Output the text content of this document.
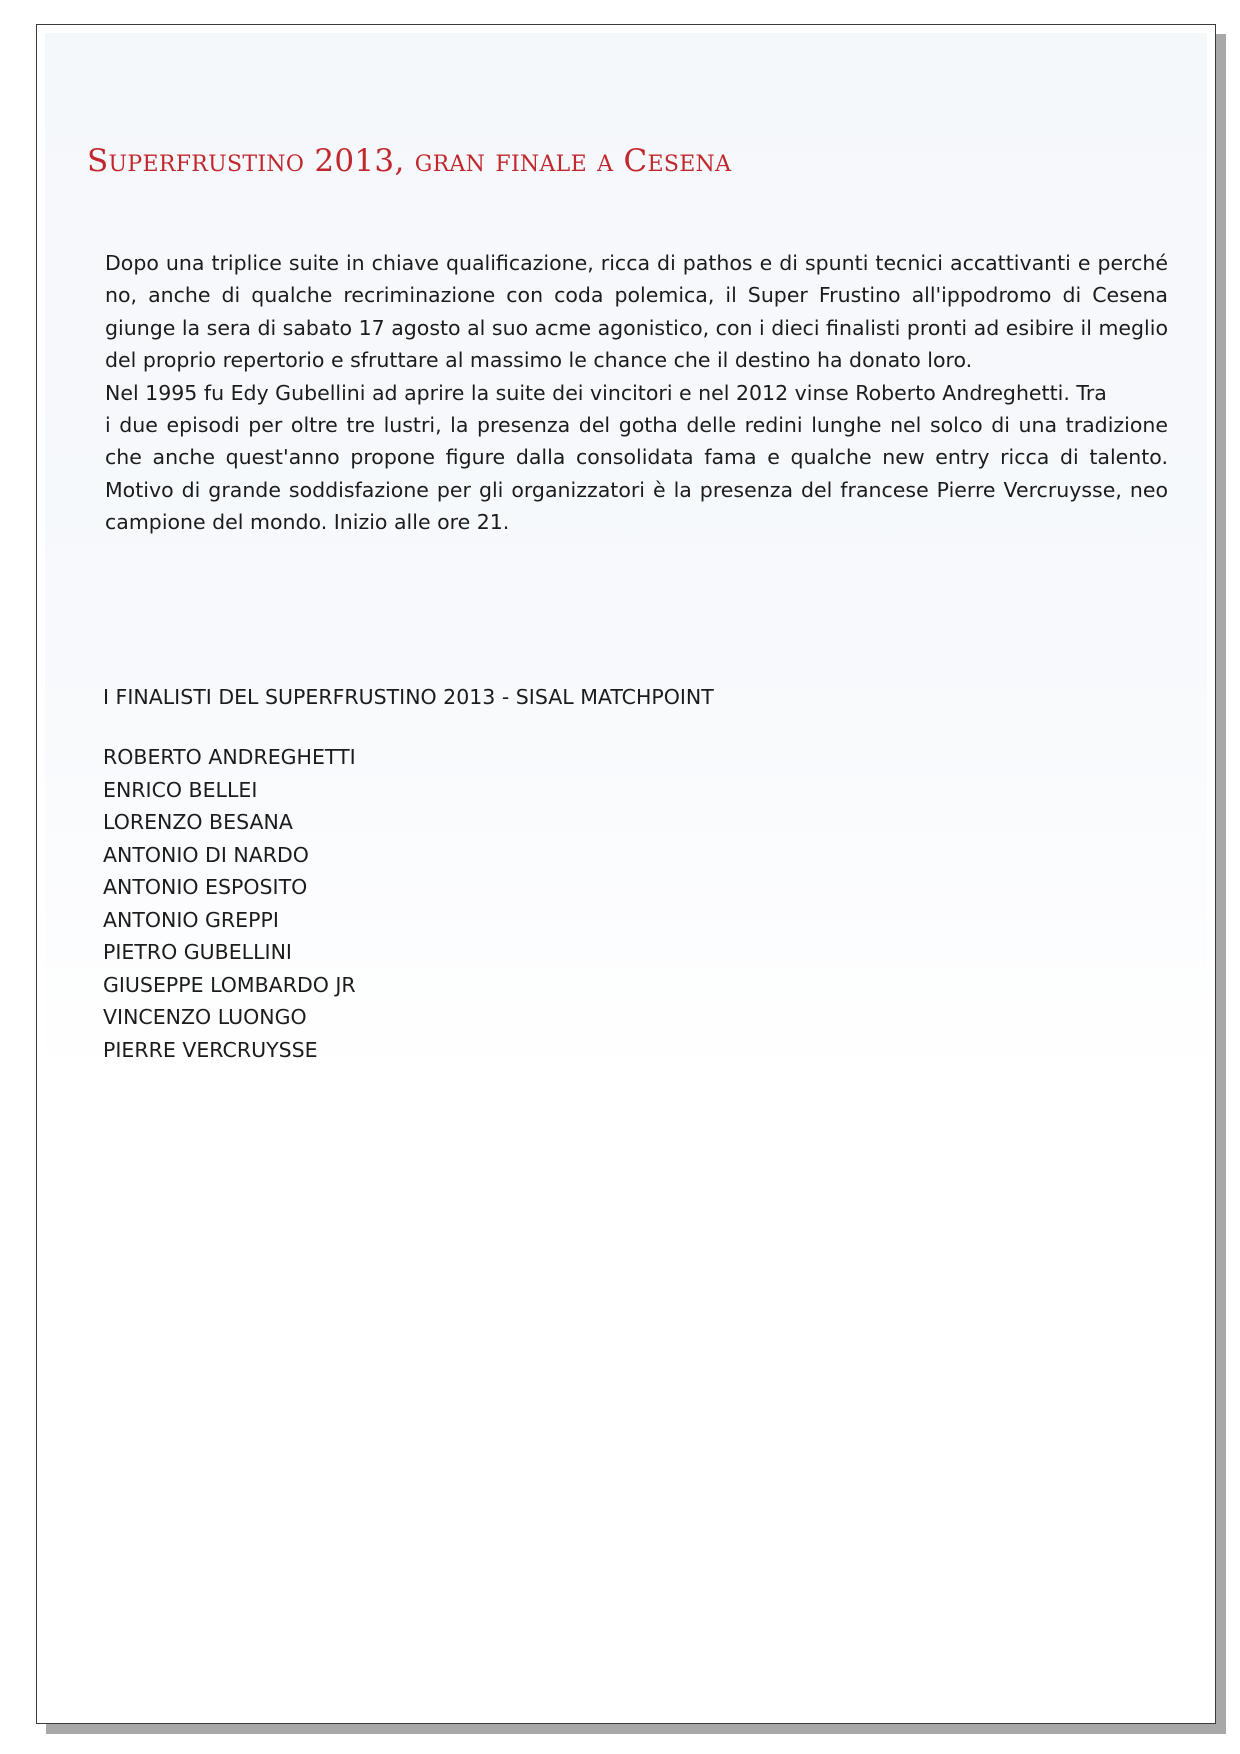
Superfrustino 2013, gran finale a Cesena

Dopo una triplice suite in chiave qualificazione, ricca di pathos e di spunti tecnici accattivanti e perché no, anche di qualche recriminazione con coda polemica, il Super Frustino all'ippodromo di Cesena giunge la sera di sabato 17 agosto al suo acme agonistico, con i dieci finalisti pronti ad esibire il meglio del proprio repertorio e sfruttare al massimo le chance che il destino ha donato loro.

Nel 1995 fu Edy Gubellini ad aprire la suite dei vincitori e nel 2012 vinse Roberto Andreghetti. Tra

i due episodi per oltre tre lustri, la presenza del gotha delle redini lunghe nel solco di una tradizione che anche quest'anno propone figure dalla consolidata fama e qualche new entry ricca di talento. Motivo di grande soddisfazione per gli organizzatori è la presenza del francese Pierre Vercruysse, neo campione del mondo. Inizio alle ore 21.

I FINALISTI DEL SUPERFRUSTINO 2013 - SISAL MATCHPOINT

ROBERTO ANDREGHETTI
ENRICO BELLEI
LORENZO BESANA
ANTONIO DI NARDO
ANTONIO ESPOSITO
ANTONIO GREPPI
PIETRO GUBELLINI
GIUSEPPE LOMBARDO JR
VINCENZO LUONGO
PIERRE VERCRUYSSE
